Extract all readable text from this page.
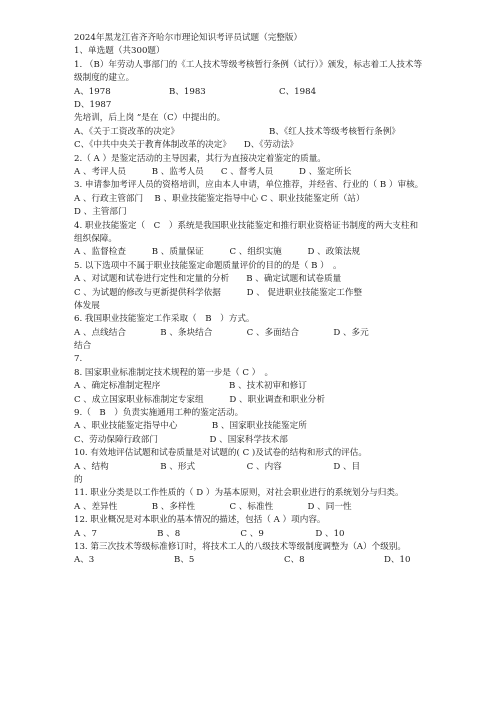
2024年黑龙江省齐齐哈尔市理论知识考评员试题（完整版）
1、单选题（共300题）
1. （B）年劳动人事部门的《工人技术等级考核暂行条例（试行）》颁发，标志着工人技术等级制度的建立。
A、1978	B、1983	C、1984
D、1987
先培训，后上岗 ”是在（C）中提出的。
A、《关于工资改革的决定》	B、《红人技术等级考核暂行条例》
C、《中共中央关于教育体制改革的决定》　　D、《劳动法》
2.（ A ）是鉴定活动的主导因素，其行为直接决定着鉴定的质量。
A 、考评人员　　　B 、监考人员　　C 、督考人员　　　D 、鉴定所长
3. 申请参加考评人员的资格培训，应由本人申请，单位推荐，并经省、行业的（ B ）审核。
A 、行政主管部门　 B 、职业技能鉴定指导中心 C 、职业技能鉴定所（站）
D 、主管部门
4. 职业技能鉴定（　C　）系统是我国职业技能鉴定和推行职业资格证书制度的两大支柱和组织保障。
A 、监督检查　　　B 、质量保证　　　C 、组织实施　　　D 、政策法规
5. 以下选项中不属于职业技能鉴定命题质量评价的目的的是（ B ）　。
A 、对试题和试卷进行定性和定量的分析　　B 、确定试题和试卷质量
C 、为试题的修改与更新提供科学依据　　　D 、 促进职业技能鉴定工作整
体发展
6. 我国职业技能鉴定工作采取（　B　）方式。
A 、点线结合　　　　B 、条块结合　　　　C 、多面结合　　　　D 、多元
结合
7.
8. 国家职业标准制定技术规程的第一步是（ C ）　。
A 、确定标准制定程序　　　　　　　　B 、技术初审和修订
C 、成立国家职业标准制定专家组　　　D 、职业调查和职业分析
9.（　B　）负责实施通用工种的鉴定活动。
A 、职业技能鉴定指导中心　　　　B 、国家职业技能鉴定所
C、劳动保障行政部门　　　　　　D 、国家科学技术部
10. 有效地评估试题和试卷质量是对试题的( C )及试卷的结构和形式的评估。
A 、结构　　　　　　B 、形式　　　　　　C 、内容　　　　　　D 、目
的
11. 职业分类是以工作性质的（ D ）为基本原则，对社会职业进行的系统划分与归类。
A 、差异性　　　　B 、多样性　　　　C 、标准性　　　　D 、同一性
12. 职业概况是对本职业的基本情况的描述，包括（ A ）项内容。
A 、7　　　　　　　B 、8　　　　　　　C 、9　　　　　　D 、10
13. 第三次技术等级标准修订时，将技术工人的八级技术等级制度调整为（A）个级别。
A、3	B、5	C、8	D、10
